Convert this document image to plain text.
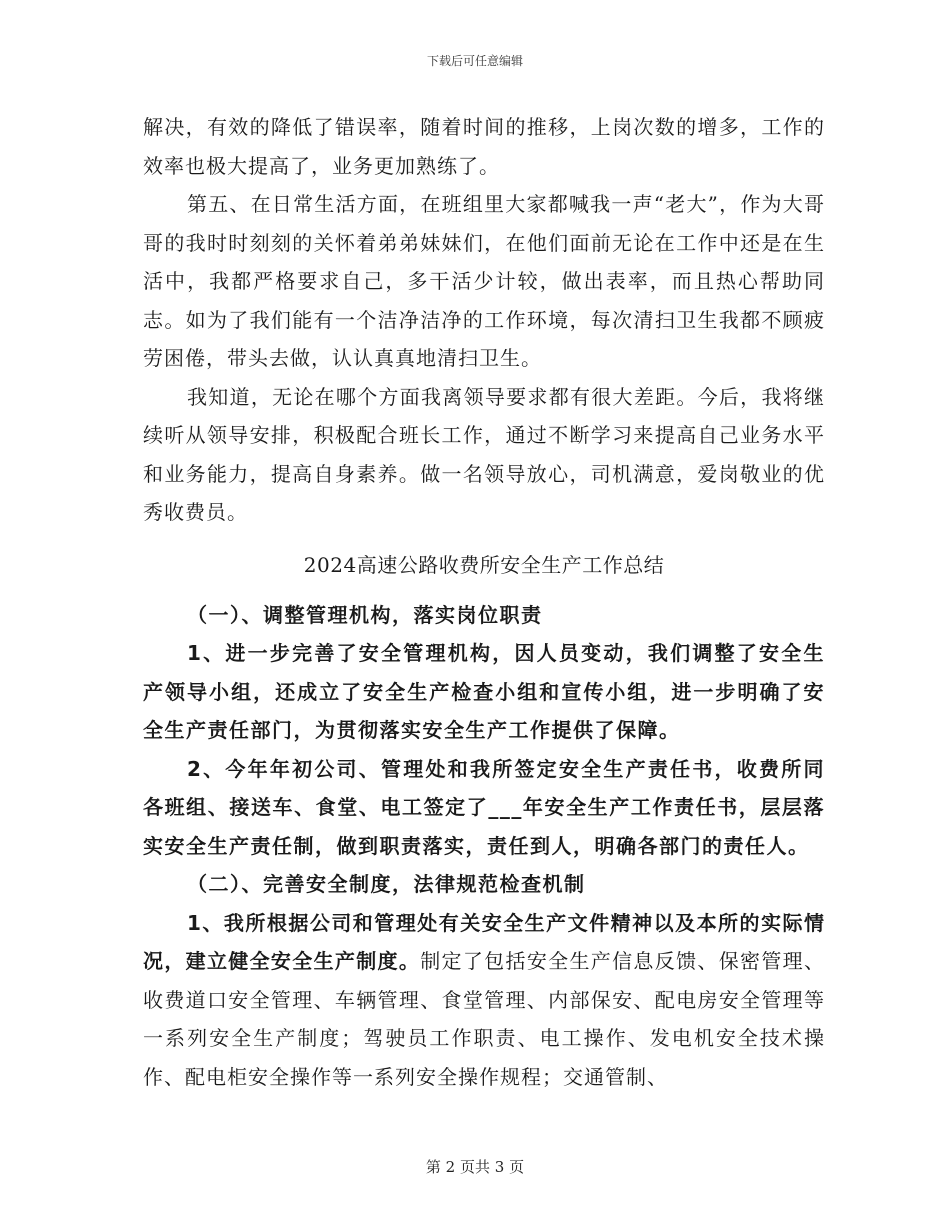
下载后可任意编辑

解决，有效的降低了错误率，随着时间的推移，上岗次数的增多，工作的效率也极大提高了，业务更加熟练了。

第五、在日常生活方面，在班组里大家都喊我一声“老大”，作为大哥哥的我时时刻刻的关怀着弟弟妹妹们，在他们面前无论在工作中还是在生活中，我都严格要求自己，多干活少计较，做出表率，而且热心帮助同志。如为了我们能有一个洁净洁净的工作环境，每次清扫卫生我都不顾疲劳困倦，带头去做，认认真真地清扫卫生。

我知道，无论在哪个方面我离领导要求都有很大差距。今后，我将继续听从领导安排，积极配合班长工作，通过不断学习来提高自己业务水平和业务能力，提高自身素养。做一名领导放心，司机满意，爱岗敬业的优秀收费员。

2024高速公路收费所安全生产工作总结

（一）、调整管理机构，落实岗位职责

1、进一步完善了安全管理机构，因人员变动，我们调整了安全生产领导小组，还成立了安全生产检查小组和宣传小组，进一步明确了安全生产责任部门，为贯彻落实安全生产工作提供了保障。

2、今年年初公司、管理处和我所签定安全生产责任书，收费所同各班组、接送车、食堂、电工签定了___年安全生产工作责任书，层层落实安全生产责任制，做到职责落实，责任到人，明确各部门的责任人。

（二）、完善安全制度，法律规范检查机制

1、我所根据公司和管理处有关安全生产文件精神以及本所的实际情况，建立健全安全生产制度。制定了包括安全生产信息反馈、保密管理、收费道口安全管理、车辆管理、食堂管理、内部保安、配电房安全管理等一系列安全生产制度；驾驶员工作职责、电工操作、发电机安全技术操作、配电柜安全操作等一系列安全操作规程；交通管制、

第 2 页共 3 页
